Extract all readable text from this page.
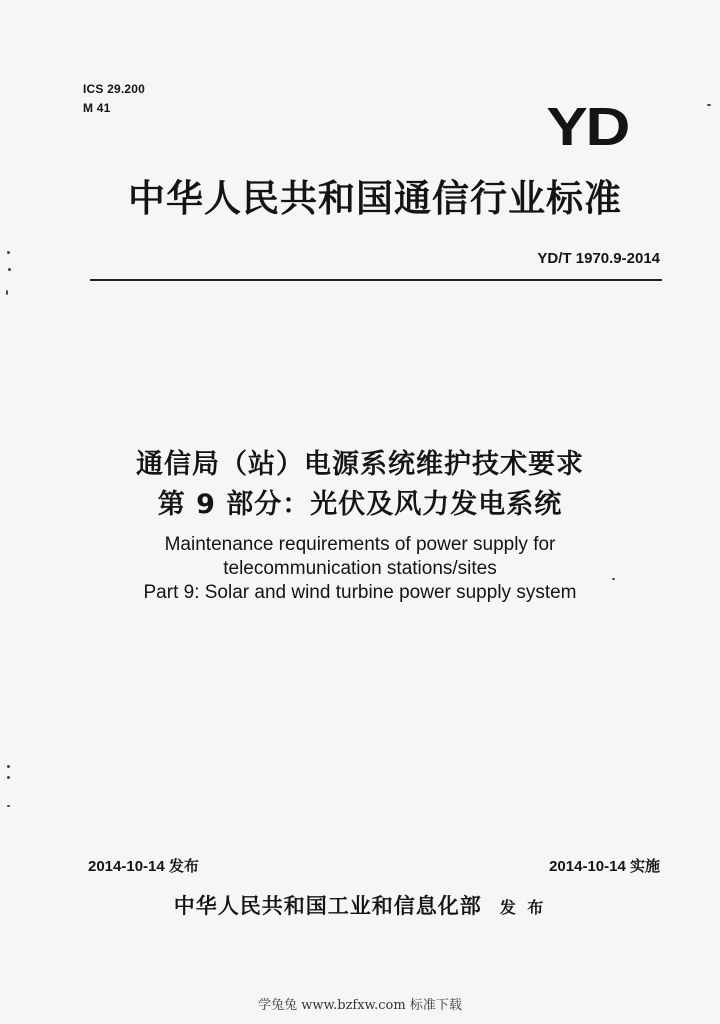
ICS 29.200
M 41	YD
中华人民共和国通信行业标准
YD/T 1970.9-2014
通信局（站）电源系统维护技术要求
第 9 部分：光伏及风力发电系统
Maintenance requirements of power supply for
telecommunication stations/sites
Part 9: Solar and wind turbine power supply system
2014-10-14 发布	2014-10-14 实施
中华人民共和国工业和信息化部 发 布
学兔兔 www.bzfxw.com 标准下载
